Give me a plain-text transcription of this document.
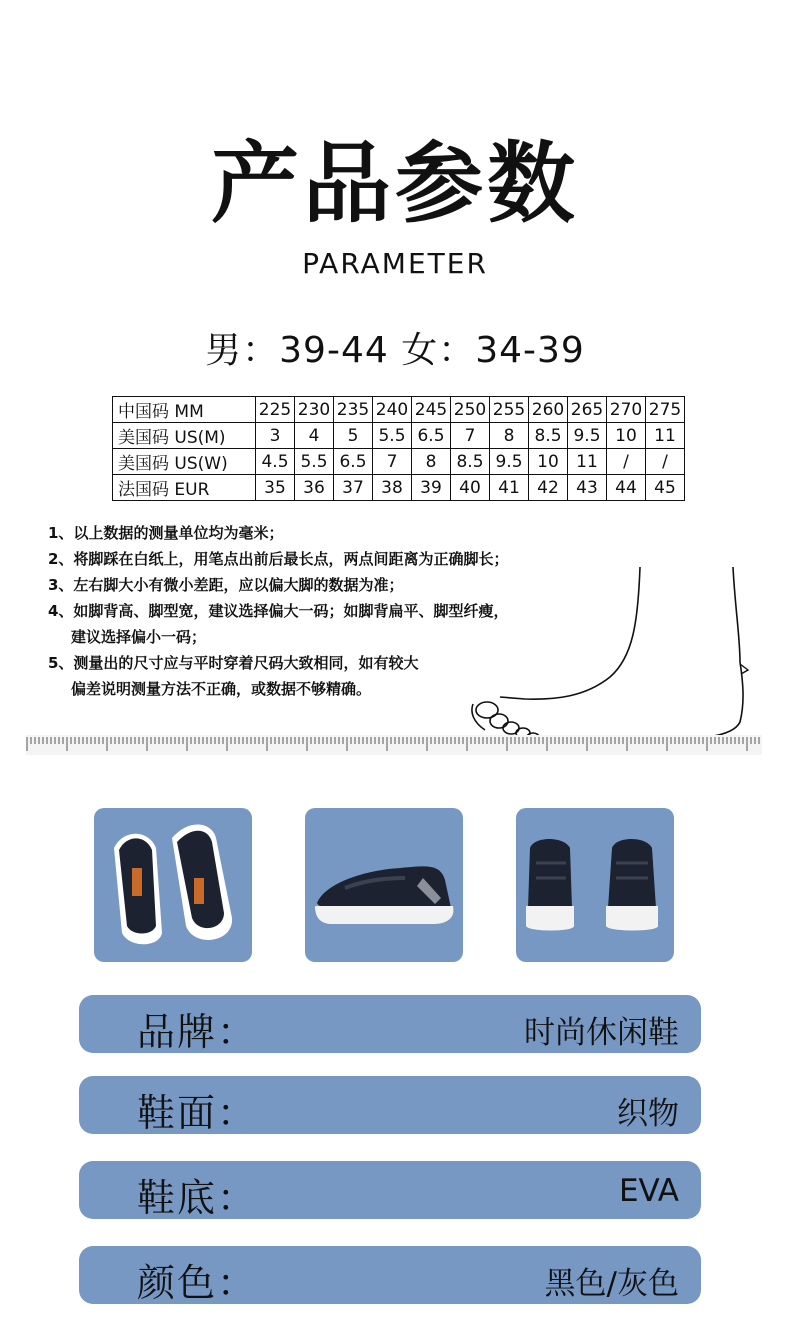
产品参数
PARAMETER
男：39-44 女：34-39
中国码 MM	225	230	235	240	245	250	255	260	265	270	275
美国码 US(M)	3	4	5	5.5	6.5	7	8	8.5	9.5	10	11
美国码 US(W)	4.5	5.5	6.5	7	8	8.5	9.5	10	11	/	/
法国码 EUR	35	36	37	38	39	40	41	42	43	44	45
1、以上数据的测量单位均为毫米；
2、将脚踩在白纸上，用笔点出前后最长点，两点间距离为正确脚长；
3、左右脚大小有微小差距，应以偏大脚的数据为准；
4、如脚背高、脚型宽，建议选择偏大一码；如脚背扁平、脚型纤瘦，
建议选择偏小一码；
5、测量出的尺寸应与平时穿着尺码大致相同，如有较大
偏差说明测量方法不正确，或数据不够精确。
品牌：	时尚休闲鞋
鞋面：	织物
鞋底：	EVA
颜色：	黑色/灰色
